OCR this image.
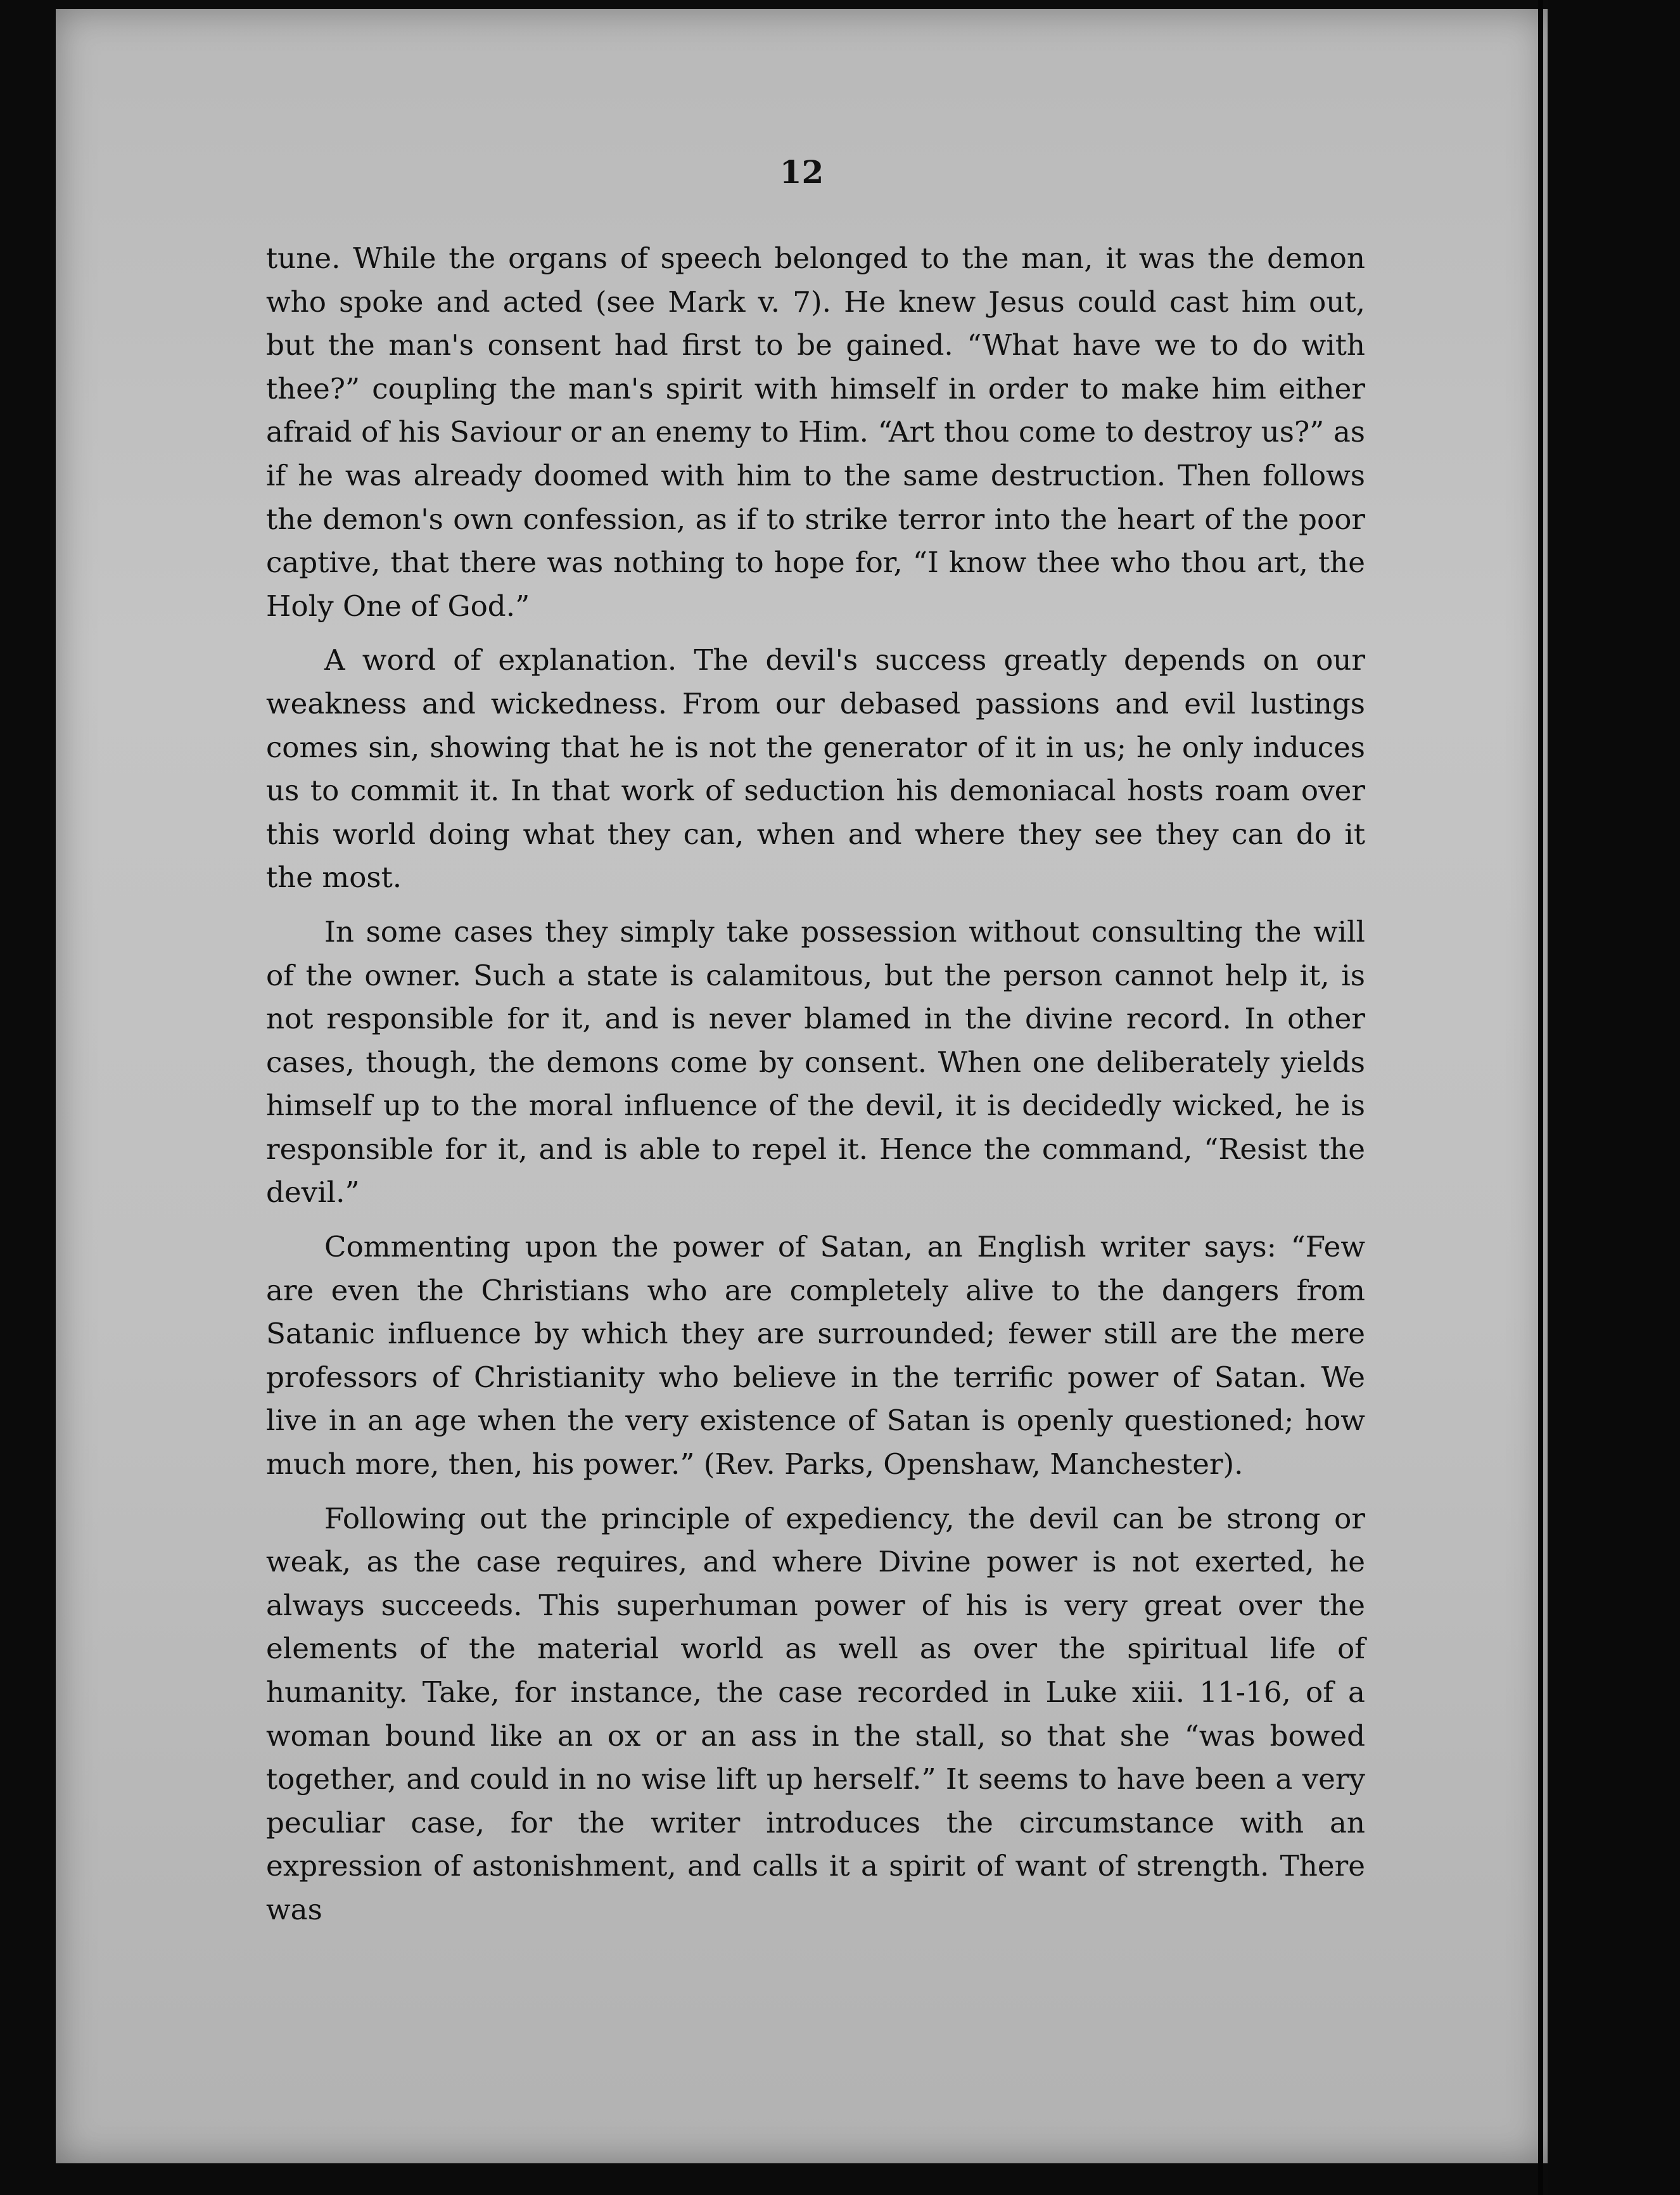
12

tune. While the organs of speech belonged to the man, it was the demon who spoke and acted (see Mark v. 7). He knew Jesus could cast him out, but the man's consent had first to be gained. “What have we to do with thee?” coupling the man's spirit with himself in order to make him either afraid of his Saviour or an enemy to Him. “Art thou come to destroy us?” as if he was already doomed with him to the same destruction. Then follows the demon's own confession, as if to strike terror into the heart of the poor captive, that there was nothing to hope for, “I know thee who thou art, the Holy One of God.”

A word of explanation. The devil's success greatly depends on our weakness and wickedness. From our debased passions and evil lustings comes sin, showing that he is not the generator of it in us; he only induces us to commit it. In that work of seduction his demoniacal hosts roam over this world doing what they can, when and where they see they can do it the most.

In some cases they simply take possession without consulting the will of the owner. Such a state is calamitous, but the person cannot help it, is not responsible for it, and is never blamed in the divine record. In other cases, though, the demons come by consent. When one deliberately yields himself up to the moral influence of the devil, it is decidedly wicked, he is responsible for it, and is able to repel it. Hence the command, “Resist the devil.”

Commenting upon the power of Satan, an English writer says: “Few are even the Christians who are completely alive to the dangers from Satanic influence by which they are surrounded; fewer still are the mere professors of Christianity who believe in the terrific power of Satan. We live in an age when the very existence of Satan is openly questioned; how much more, then, his power.” (Rev. Parks, Openshaw, Manchester).

Following out the principle of expediency, the devil can be strong or weak, as the case requires, and where Divine power is not exerted, he always succeeds. This superhuman power of his is very great over the elements of the material world as well as over the spiritual life of humanity. Take, for instance, the case recorded in Luke xiii. 11-16, of a woman bound like an ox or an ass in the stall, so that she “was bowed together, and could in no wise lift up herself.” It seems to have been a very peculiar case, for the writer introduces the circumstance with an expression of astonishment, and calls it a spirit of want of strength. There was
